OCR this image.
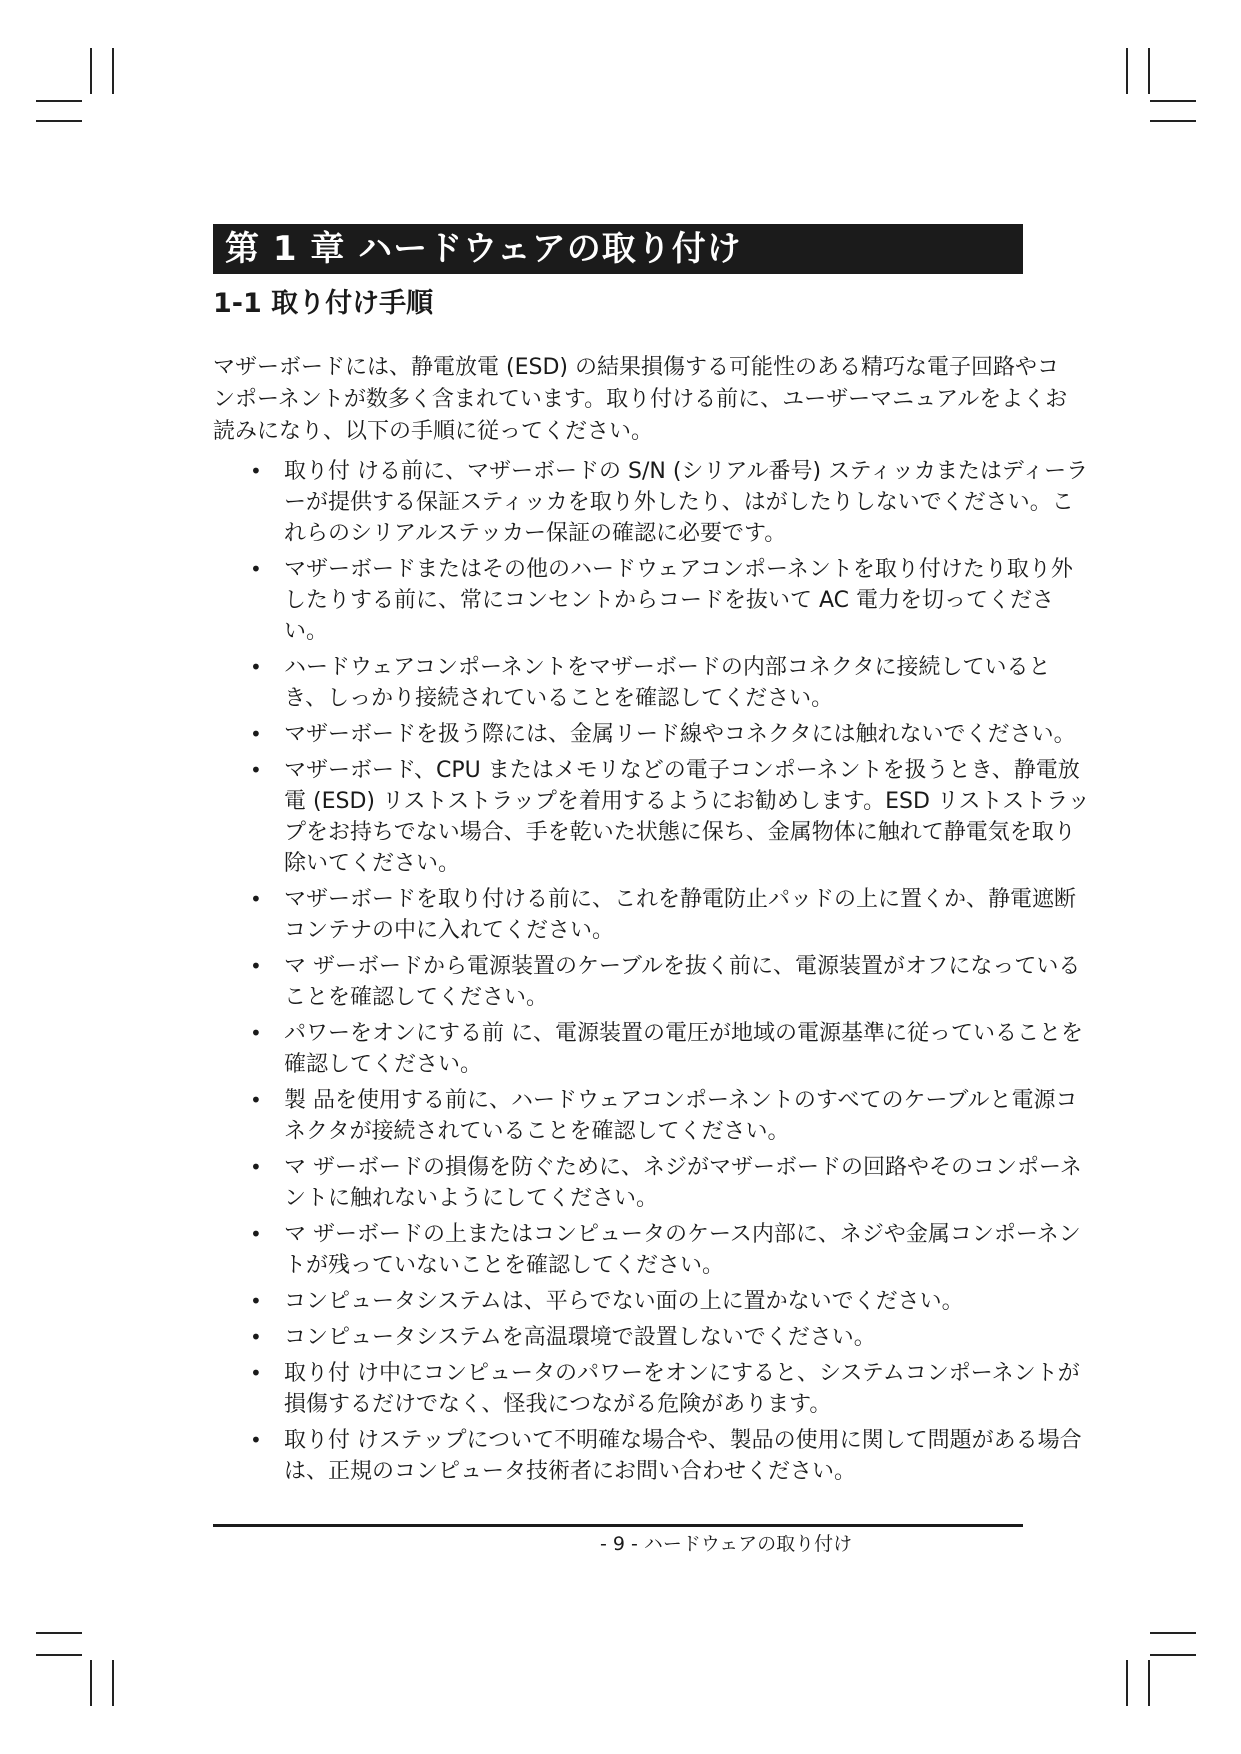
第 1 章 ハードウェアの取り付け
1-1 取り付け手順

マザーボードには、静電放電 (ESD) の結果損傷する可能性のある精巧な電子回路やコンポーネントが数多く含まれています。取り付ける前に、ユーザーマニュアルをよくお読みになり、以下の手順に従ってください。

• 取り付 ける前に、マザーボードの S/N (シリアル番号) スティッカまたはディーラーが提供する保証スティッカを取り外したり、はがしたりしないでください。これらのシリアルステッカー保証の確認に必要です。
• マザーボードまたはその他のハードウェアコンポーネントを取り付けたり取り外したりする前に、常にコンセントからコードを抜いて AC 電力を切ってください。
• ハードウェアコンポーネントをマザーボードの内部コネクタに接続しているとき、しっかり接続されていることを確認してください。
• マザーボードを扱う際には、金属リード線やコネクタには触れないでください。
• マザーボード、CPU またはメモリなどの電子コンポーネントを扱うとき、静電放電 (ESD) リストストラップを着用するようにお勧めします。ESD リストストラップをお持ちでない場合、手を乾いた状態に保ち、金属物体に触れて静電気を取り除いてください。
• マザーボードを取り付ける前に、これを静電防止パッドの上に置くか、静電遮断コンテナの中に入れてください。
• マ ザーボードから電源装置のケーブルを抜く前に、電源装置がオフになっていることを確認してください。
• パワーをオンにする前 に、電源装置の電圧が地域の電源基準に従っていることを確認してください。
• 製 品を使用する前に、ハードウェアコンポーネントのすべてのケーブルと電源コネクタが接続されていることを確認してください。
• マ ザーボードの損傷を防ぐために、ネジがマザーボードの回路やそのコンポーネントに触れないようにしてください。
• マ ザーボードの上またはコンピュータのケース内部に、ネジや金属コンポーネントが残っていないことを確認してください。
• コンピュータシステムは、平らでない面の上に置かないでください。
• コンピュータシステムを高温環境で設置しないでください。
• 取り付 け中にコンピュータのパワーをオンにすると、システムコンポーネントが損傷するだけでなく、怪我につながる危険があります。
• 取り付 けステップについて不明確な場合や、製品の使用に関して問題がある場合は、正規のコンピュータ技術者にお問い合わせください。
- 9 - ハードウェアの取り付け
